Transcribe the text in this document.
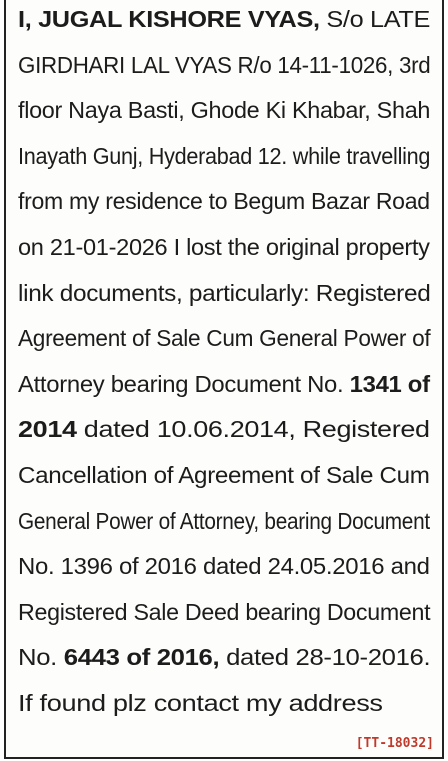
I, JUGAL KISHORE VYAS, S/o LATE
GIRDHARI LAL VYAS R/o 14-11-1026, 3rd
floor Naya Basti, Ghode Ki Khabar, Shah
Inayath Gunj, Hyderabad 12. while travelling
from my residence to Begum Bazar Road
on 21-01-2026 I lost the original property
link documents, particularly: Registered
Agreement of Sale Cum General Power of
Attorney bearing Document No. 1341 of
2014 dated 10.06.2014, Registered
Cancellation of Agreement of Sale Cum
General Power of Attorney, bearing Document
No. 1396 of 2016 dated 24.05.2016 and
Registered Sale Deed bearing Document
No. 6443 of 2016, dated 28-10-2016.
If found plz contact my address
[TT-18032]
